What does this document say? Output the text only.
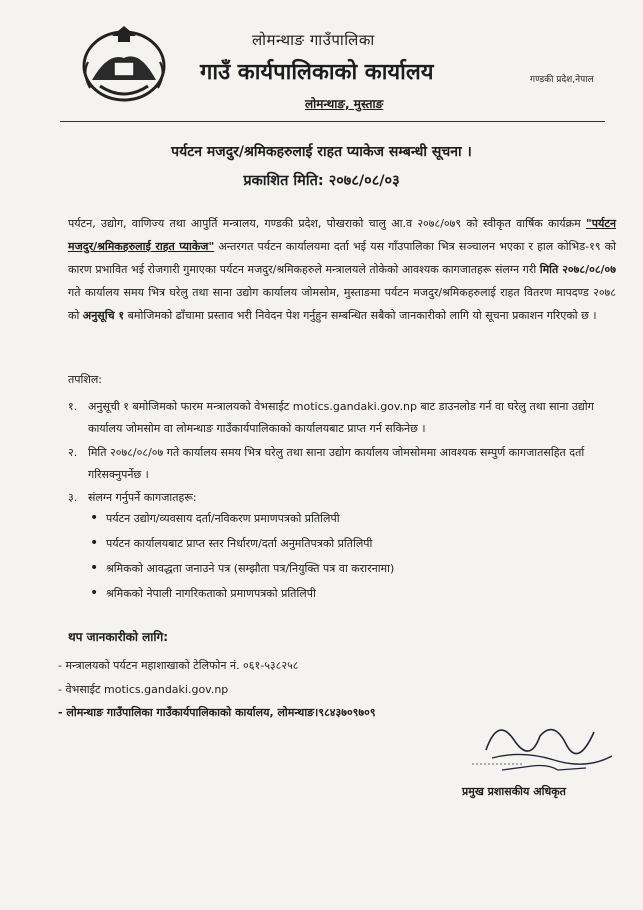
लोमन्थाङ गाउँपालिका
गाउँ कार्यपालिकाको कार्यालय
लोमन्थाङ, मुस्ताङ
गण्डकी प्रदेश,नेपाल
पर्यटन मजदुर/श्रमिकहरुलाई राहत प्याकेज सम्बन्धी सूचना ।
प्रकाशित मिति: २०७८/०८/०३
पर्यटन, उद्योग, वाणिज्य तथा आपुर्ति मन्त्रालय, गण्डकी प्रदेश, पोखराको चालु आ.व २०७८/०७९ को स्वीकृत वार्षिक कार्यक्रम "पर्यटन मजदुर/श्रमिकहरुलाई राहत प्याकेज" अन्तरगत पर्यटन कार्यालयमा दर्ता भई यस गाँउपालिका भित्र सञ्चालन भएका र हाल कोभिड-१९ को कारण प्रभावित भई रोजगारी गुमाएका पर्यटन मजदुर/श्रमिकहरुले मन्त्रालयले तोकेको आवश्यक कागजातहरू संलग्न गरी मिति २०७८/०८/०७ गते कार्यालय समय भित्र घरेलु तथा साना उद्योग कार्यालय जोमसोम, मुस्ताङमा पर्यटन मजदुर/श्रमिकहरुलाई राहत वितरण मापदण्ड २०७८ को अनुसूचि १ बमोजिमको ढाँचामा प्रस्ताव भरी निवेदन पेश गर्नुहुन सम्बन्धित सबैको जानकारीको लागि यो सूचना प्रकाशन गरिएको छ ।
तपशिल:
१. अनुसूची १ बमोजिमको फारम मन्त्रालयको वेभसाईट motics.gandaki.gov.np बाट डाउनलोड गर्न वा घरेलु तथा साना उद्योग कार्यालय जोमसोम वा लोमन्थाङ गाउँकार्यपालिकाको कार्यालयबाट प्राप्त गर्न सकिनेछ ।
२. मिति २०७८/०८/०७ गते कार्यालय समय भित्र घरेलु तथा साना उद्योग कार्यालय जोमसोममा आवश्यक सम्पुर्ण कागजातसहित दर्ता गरिसक्नुपर्नेछ ।
३. संलग्न गर्नुपर्ने कागजातहरू:
• पर्यटन उद्योग/व्यवसाय दर्ता/नविकरण प्रमाणपत्रको प्रतिलिपी
• पर्यटन कार्यालयबाट प्राप्त स्तर निर्धारण/दर्ता अनुमतिपत्रको प्रतिलिपी
• श्रमिकको आवद्धता जनाउने पत्र (सम्झौता पत्र/नियुक्ति पत्र वा करारनामा)
• श्रमिकको नेपाली नागरिकताको प्रमाणपत्रको प्रतिलिपी
थप जानकारीको लागि:
- मन्त्रालयको पर्यटन महाशाखाको टेलिफोन नं. ०६१-५३८२५८
- वेभसाईट motics.gandaki.gov.np
- लोमन्थाङ गाउँपालिका गाउँकार्यपालिकाको कार्यालय, लोमन्थाङ।९८४३७०९७०९
प्रमुख प्रशासकीय अधिकृत
